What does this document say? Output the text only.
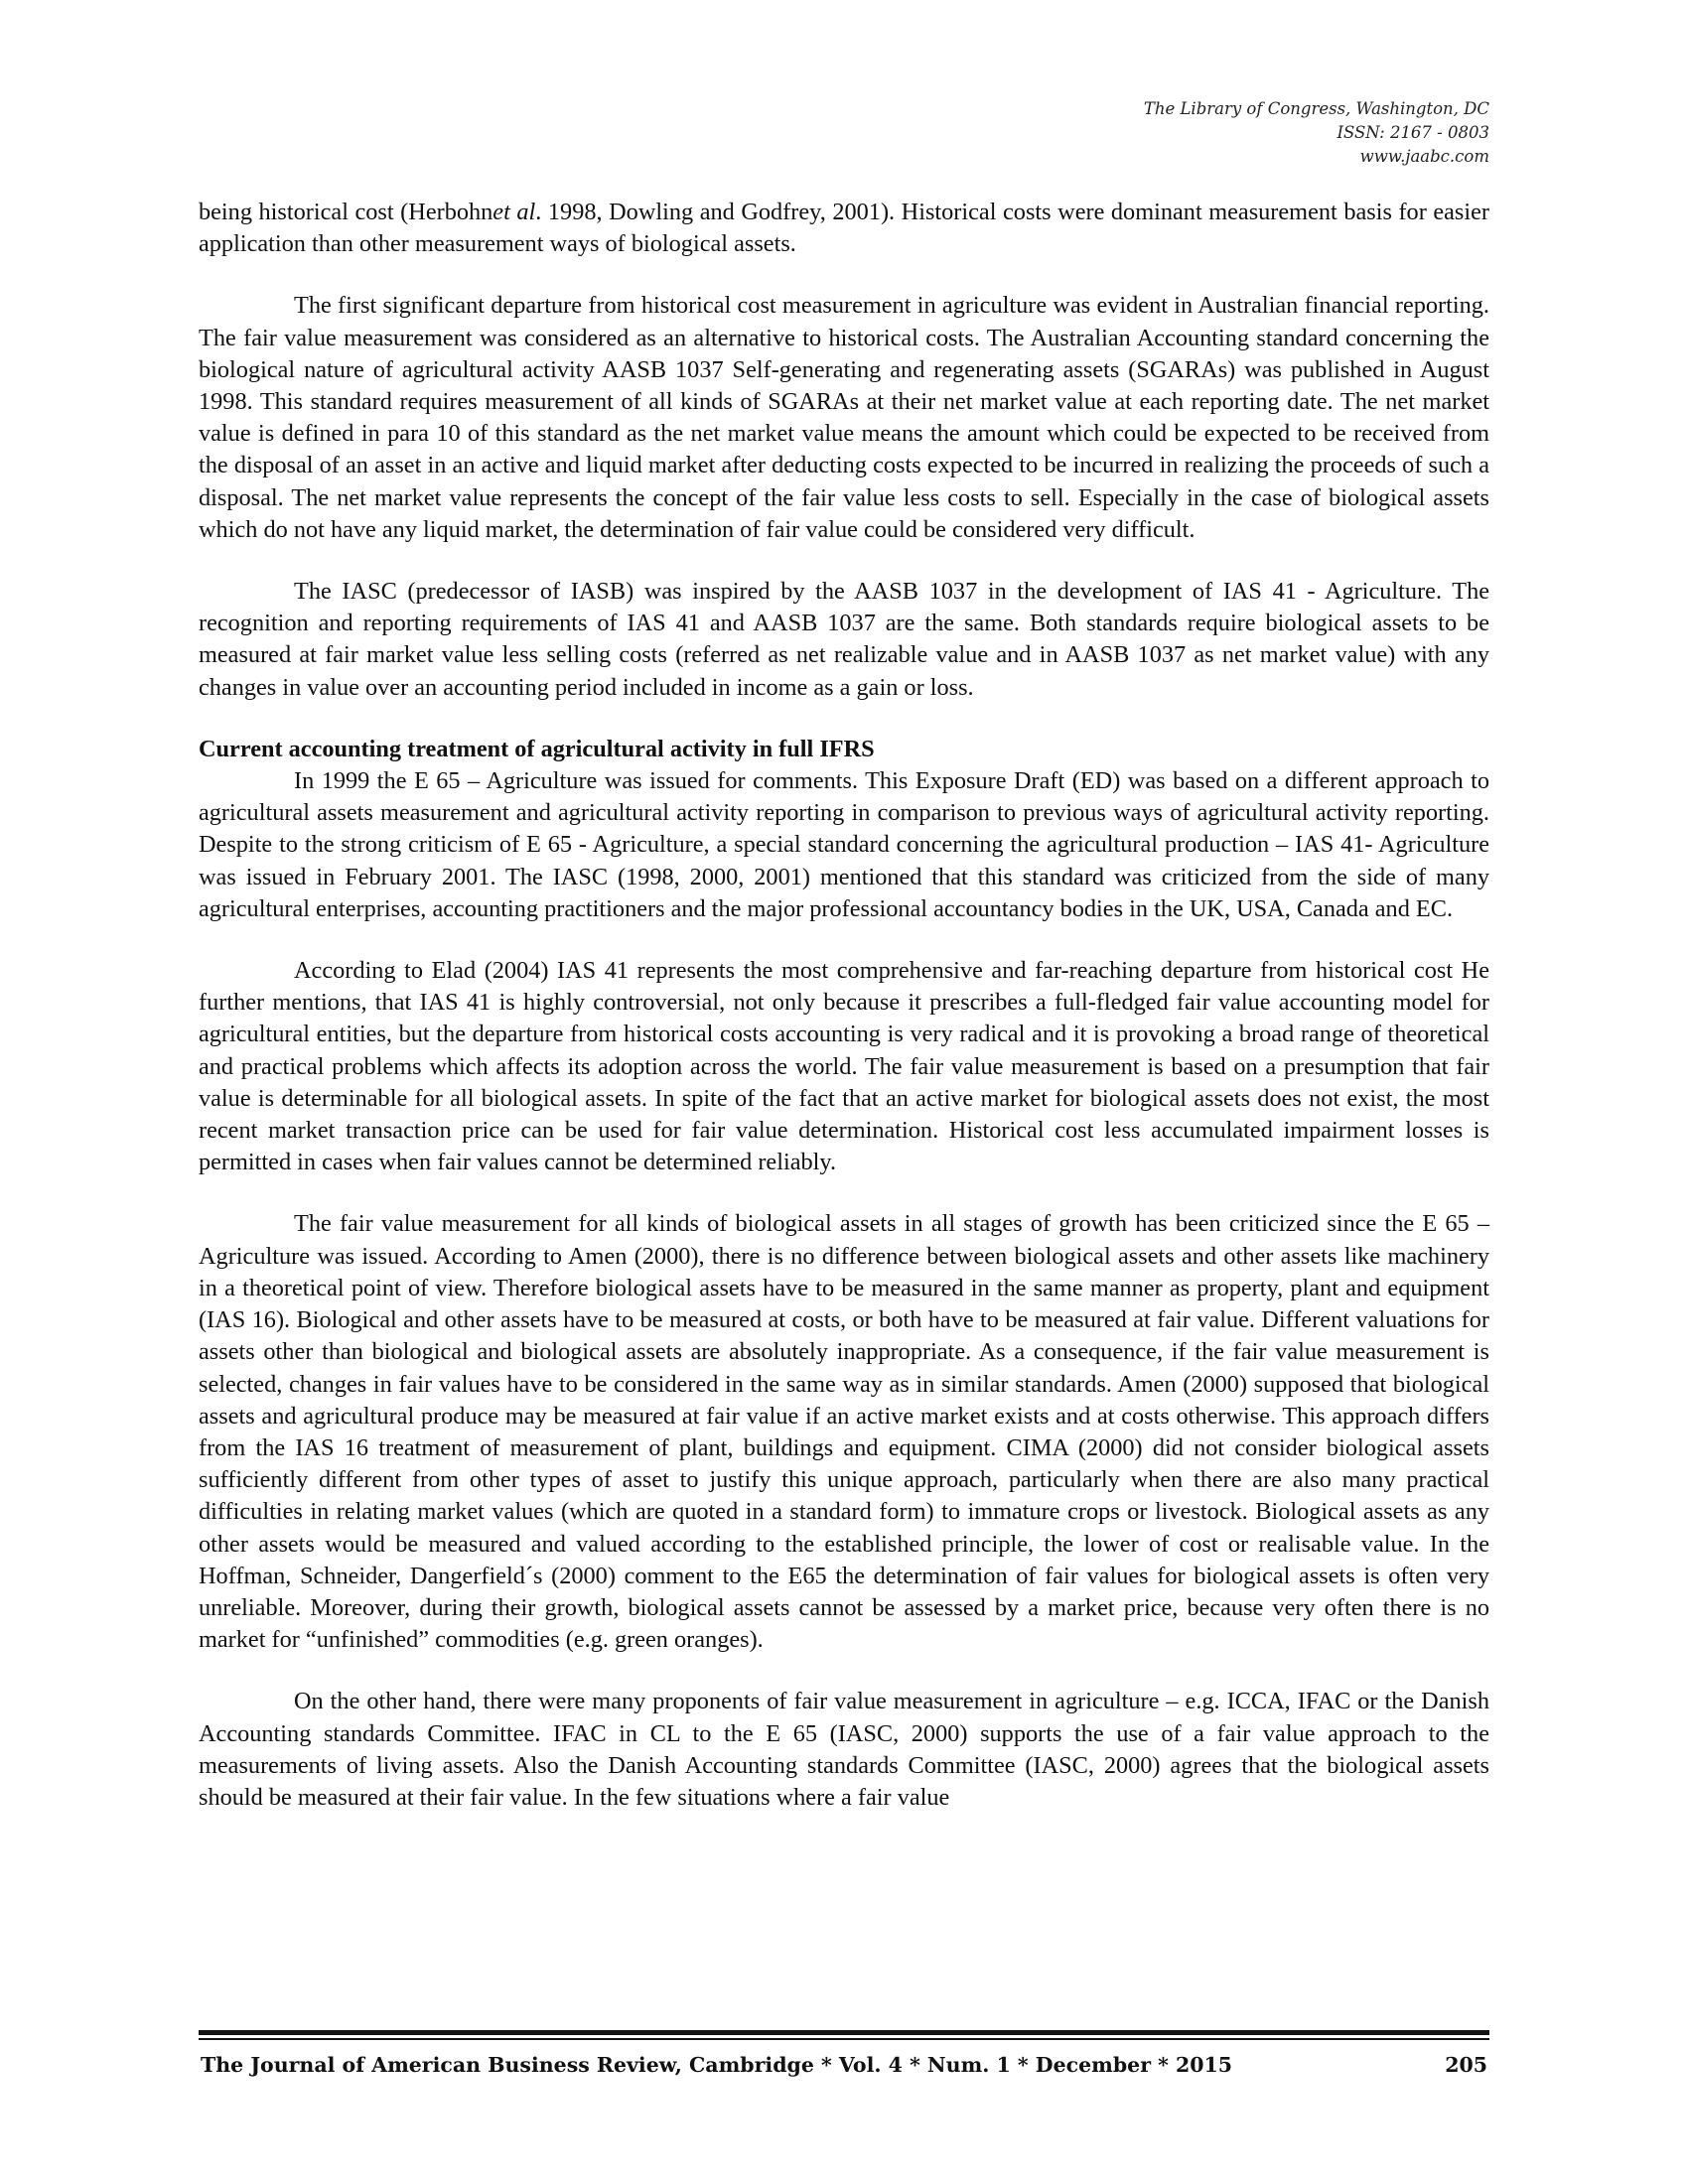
The Library of Congress, Washington, DC
ISSN: 2167 - 0803
www.jaabc.com

being historical cost (Herbohnet al. 1998, Dowling and Godfrey, 2001). Historical costs were dominant measurement basis for easier application than other measurement ways of biological assets.

The first significant departure from historical cost measurement in agriculture was evident in Australian financial reporting. The fair value measurement was considered as an alternative to historical costs. The Australian Accounting standard concerning the biological nature of agricultural activity AASB 1037 Self-generating and regenerating assets (SGARAs) was published in August 1998. This standard requires measurement of all kinds of SGARAs at their net market value at each reporting date. The net market value is defined in para 10 of this standard as the net market value means the amount which could be expected to be received from the disposal of an asset in an active and liquid market after deducting costs expected to be incurred in realizing the proceeds of such a disposal. The net market value represents the concept of the fair value less costs to sell. Especially in the case of biological assets which do not have any liquid market, the determination of fair value could be considered very difficult.

The IASC (predecessor of IASB) was inspired by the AASB 1037 in the development of IAS 41 - Agriculture. The recognition and reporting requirements of IAS 41 and AASB 1037 are the same. Both standards require biological assets to be measured at fair market value less selling costs (referred as net realizable value and in AASB 1037 as net market value) with any changes in value over an accounting period included in income as a gain or loss.

Current accounting treatment of agricultural activity in full IFRS

In 1999 the E 65 – Agriculture was issued for comments. This Exposure Draft (ED) was based on a different approach to agricultural assets measurement and agricultural activity reporting in comparison to previous ways of agricultural activity reporting. Despite to the strong criticism of E 65 - Agriculture, a special standard concerning the agricultural production – IAS 41- Agriculture was issued in February 2001. The IASC (1998, 2000, 2001) mentioned that this standard was criticized from the side of many agricultural enterprises, accounting practitioners and the major professional accountancy bodies in the UK, USA, Canada and EC.

According to Elad (2004) IAS 41 represents the most comprehensive and far-reaching departure from historical cost He further mentions, that IAS 41 is highly controversial, not only because it prescribes a full-fledged fair value accounting model for agricultural entities, but the departure from historical costs accounting is very radical and it is provoking a broad range of theoretical and practical problems which affects its adoption across the world. The fair value measurement is based on a presumption that fair value is determinable for all biological assets. In spite of the fact that an active market for biological assets does not exist, the most recent market transaction price can be used for fair value determination. Historical cost less accumulated impairment losses is permitted in cases when fair values cannot be determined reliably.

The fair value measurement for all kinds of biological assets in all stages of growth has been criticized since the E 65 – Agriculture was issued. According to Amen (2000), there is no difference between biological assets and other assets like machinery in a theoretical point of view. Therefore biological assets have to be measured in the same manner as property, plant and equipment (IAS 16). Biological and other assets have to be measured at costs, or both have to be measured at fair value. Different valuations for assets other than biological and biological assets are absolutely inappropriate. As a consequence, if the fair value measurement is selected, changes in fair values have to be considered in the same way as in similar standards. Amen (2000) supposed that biological assets and agricultural produce may be measured at fair value if an active market exists and at costs otherwise. This approach differs from the IAS 16 treatment of measurement of plant, buildings and equipment. CIMA (2000) did not consider biological assets sufficiently different from other types of asset to justify this unique approach, particularly when there are also many practical difficulties in relating market values (which are quoted in a standard form) to immature crops or livestock. Biological assets as any other assets would be measured and valued according to the established principle, the lower of cost or realisable value. In the Hoffman, Schneider, Dangerfield´s (2000) comment to the E65 the determination of fair values for biological assets is often very unreliable. Moreover, during their growth, biological assets cannot be assessed by a market price, because very often there is no market for “unfinished” commodities (e.g. green oranges).

On the other hand, there were many proponents of fair value measurement in agriculture – e.g. ICCA, IFAC or the Danish Accounting standards Committee. IFAC in CL to the E 65 (IASC, 2000) supports the use of a fair value approach to the measurements of living assets. Also the Danish Accounting standards Committee (IASC, 2000) agrees that the biological assets should be measured at their fair value. In the few situations where a fair value

The Journal of American Business Review, Cambridge * Vol. 4 * Num. 1 * December * 2015	205
